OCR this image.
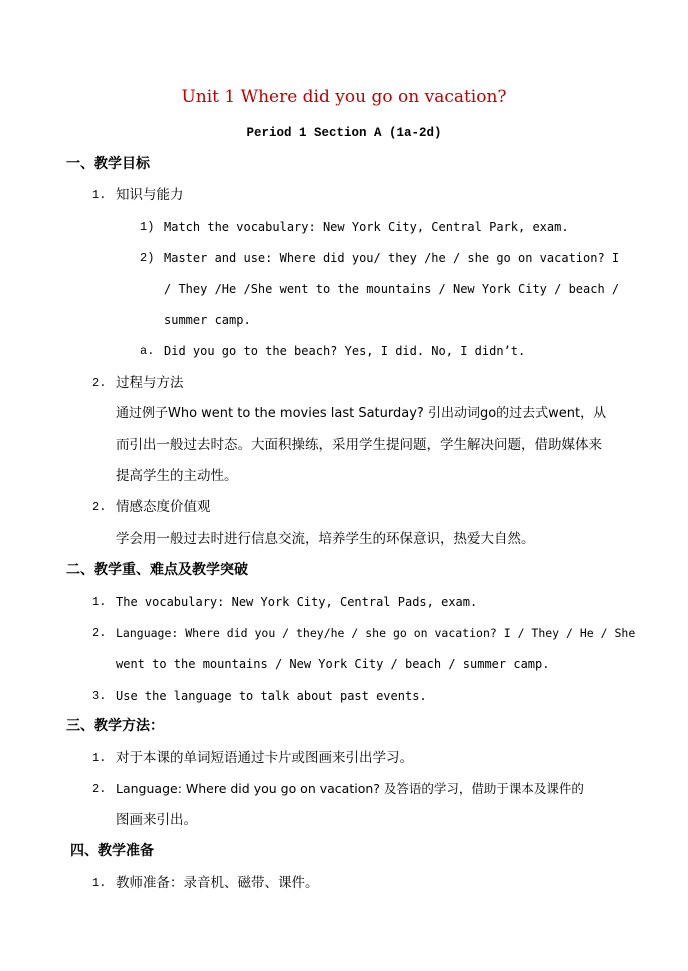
Unit 1 Where did you go on vacation?
Period 1 Section A (1a-2d)
一、教学目标
1. 知识与能力
1) Match the vocabulary: New York City, Central Park, exam.
2) Master and use: Where did you/ they /he / she go on vacation? I
/ They /He /She went to the mountains / New York City / beach /
summer camp.
a. Did you go to the beach? Yes, I did. No, I didn’t.
2. 过程与方法
通过例子Who went to the movies last Saturday? 引出动词go的过去式went，从
而引出一般过去时态。大面积操练，采用学生提问题，学生解决问题，借助媒体来
提高学生的主动性。
2. 情感态度价值观
学会用一般过去时进行信息交流，培养学生的环保意识，热爱大自然。
二、教学重、难点及教学突破
1. The vocabulary: New York City, Central Pads, exam.
2. Language: Where did you / they/he / she go on vacation? I / They / He / She
went to the mountains / New York City / beach / summer camp.
3. Use the language to talk about past events.
三、教学方法：
1. 对于本课的单词短语通过卡片或图画来引出学习。
2. Language: Where did you go on vacation? 及答语的学习，借助于课本及课件的
图画来引出。
四、教学准备
1. 教师准备：录音机、磁带、课件。
